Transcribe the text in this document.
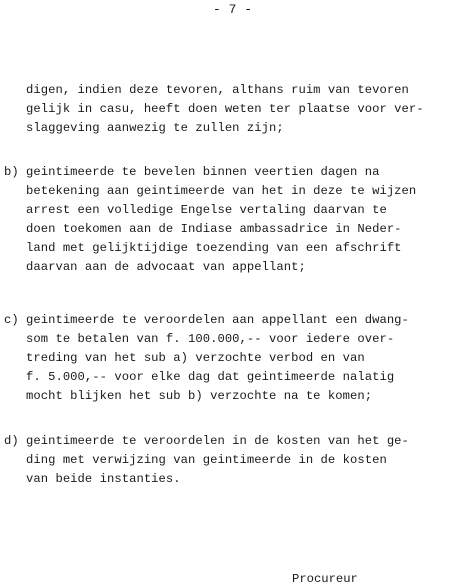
- 7 -
digen, indien deze tevoren, althans ruim van tevoren
gelijk in casu, heeft doen weten ter plaatse voor ver-
slaggeving aanwezig te zullen zijn;
b) geintimeerde te bevelen binnen veertien dagen na
betekening aan geintimeerde van het in deze te wijzen
arrest een volledige Engelse vertaling daarvan te
doen toekomen aan de Indiase ambassadrice in Neder-
land met gelijktijdige toezending van een afschrift
daarvan aan de advocaat van appellant;
c) geintimeerde te veroordelen aan appellant een dwang-
som te betalen van f. 100.000,-- voor iedere over-
treding van het sub a) verzochte verbod en van
f. 5.000,-- voor elke dag dat geintimeerde nalatig
mocht blijken het sub b) verzochte na te komen;
d) geintimeerde te veroordelen in de kosten van het ge-
ding met verwijzing van geintimeerde in de kosten
van beide instanties.
Procureur
